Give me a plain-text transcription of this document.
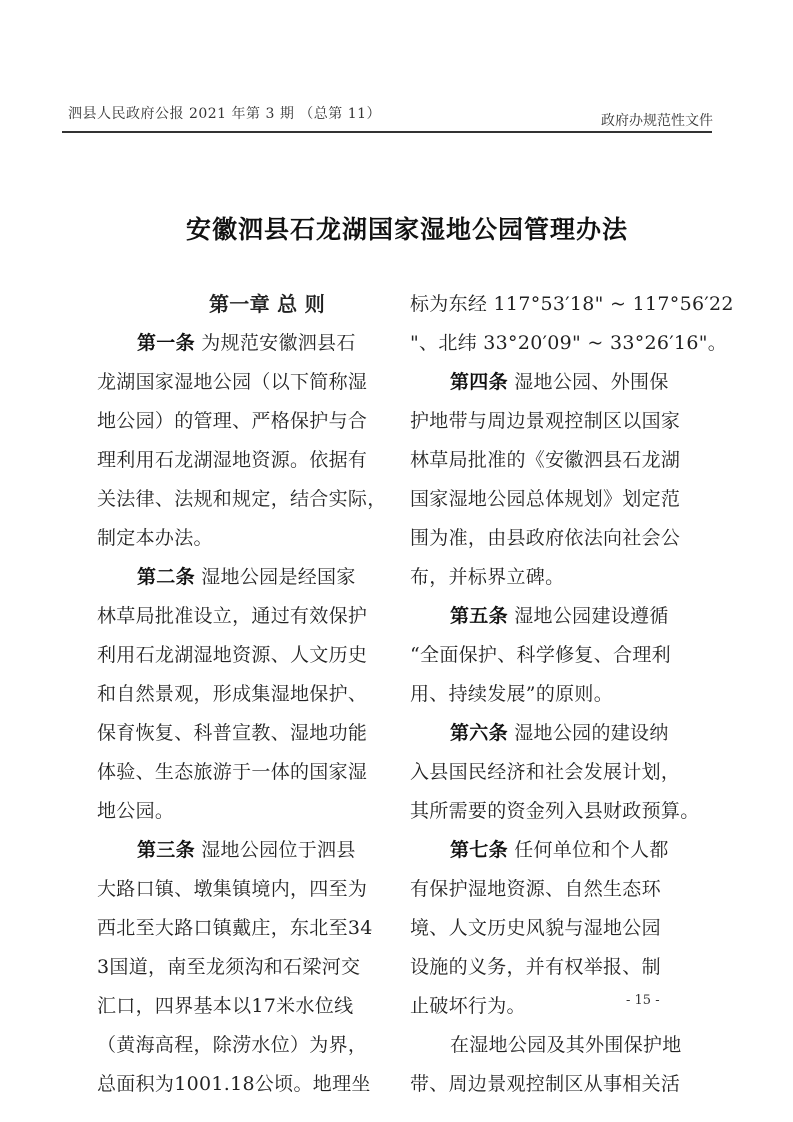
泗县人民政府公报 2021 年第 3 期 （总第 11）	政府办规范性文件
安徽泗县石龙湖国家湿地公园管理办法
第一章 总 则
第一条 为规范安徽泗县石
龙湖国家湿地公园（以下简称湿
地公园）的管理、严格保护与合
理利用石龙湖湿地资源。依据有
关法律、法规和规定，结合实际，
制定本办法。
第二条 湿地公园是经国家
林草局批准设立，通过有效保护
利用石龙湖湿地资源、人文历史
和自然景观，形成集湿地保护、
保育恢复、科普宣教、湿地功能
体验、生态旅游于一体的国家湿
地公园。
第三条 湿地公园位于泗县
大路口镇、墩集镇境内，四至为
西北至大路口镇戴庄，东北至34
3国道，南至龙须沟和石梁河交
汇口，四界基本以17米水位线
（黄海高程，除涝水位）为界，
总面积为1001.18公顷。地理坐
标为东经 117°53′18" ~ 117°56′22
"、北纬 33°20′09" ~ 33°26′16"。
第四条 湿地公园、外围保
护地带与周边景观控制区以国家
林草局批准的《安徽泗县石龙湖
国家湿地公园总体规划》划定范
围为准，由县政府依法向社会公
布，并标界立碑。
第五条 湿地公园建设遵循
“全面保护、科学修复、合理利
用、持续发展”的原则。
第六条 湿地公园的建设纳
入县国民经济和社会发展计划，
其所需要的资金列入县财政预算。
第七条 任何单位和个人都
有保护湿地资源、自然生态环
境、人文历史风貌与湿地公园
设施的义务，并有权举报、制
止破坏行为。
在湿地公园及其外围保护地
带、周边景观控制区从事相关活
- 15 -
